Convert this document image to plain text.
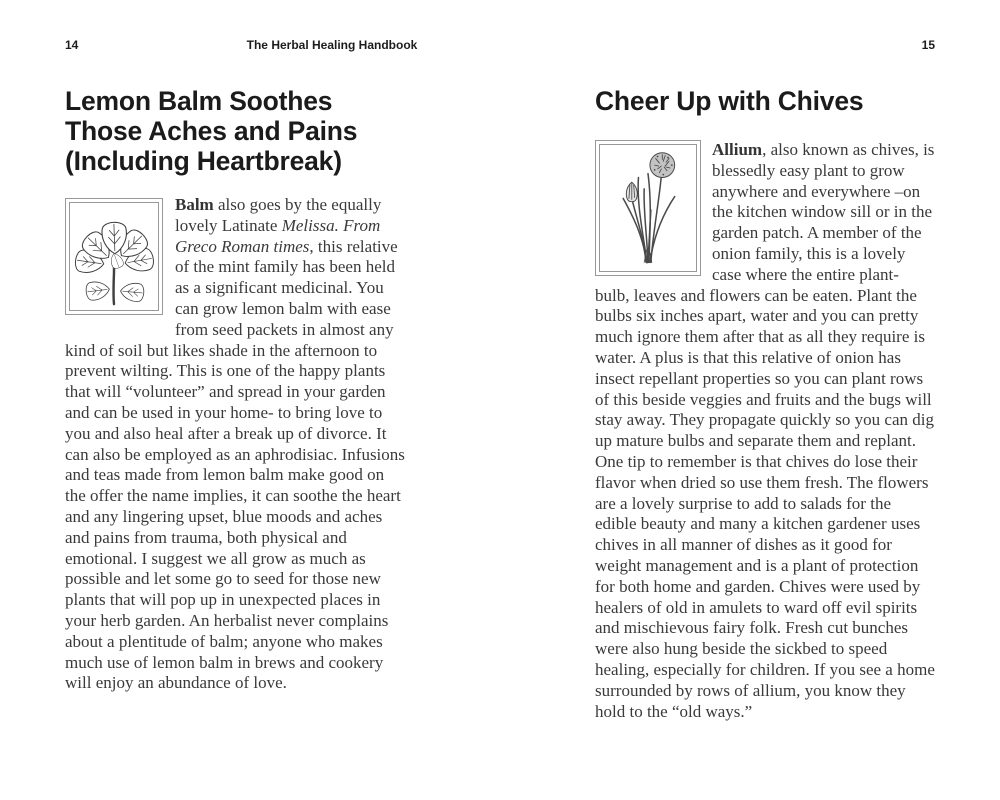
14	The Herbal Healing Handbook	15
Lemon Balm Soothes
Those Aches and Pains
(Including Heartbreak)
Balm also goes by the equally lovely Latinate Melissa. From Greco Roman times, this relative of the mint family has been held as a significant medicinal. You can grow lemon balm with ease from seed packets in almost any kind of soil but likes shade in the afternoon to prevent wilting. This is one of the happy plants that will “volunteer” and spread in your garden and can be used in your home- to bring love to you and also heal after a break up of divorce. It can also be employed as an aphrodisiac. Infusions and teas made from lemon balm make good on the offer the name implies, it can soothe the heart and any lingering upset, blue moods and aches and pains from trauma, both physical and emotional. I suggest we all grow as much as possible and let some go to seed for those new plants that will pop up in unexpected places in your herb garden. An herbalist never complains about a plentitude of balm; anyone who makes much use of lemon balm in brews and cookery will enjoy an abundance of love.
Cheer Up with Chives
Allium, also known as chives, is blessedly easy plant to grow anywhere and everywhere –on the kitchen window sill or in the garden patch. A member of the onion family, this is a lovely case where the entire plant- bulb, leaves and flowers can be eaten. Plant the bulbs six inches apart, water and you can pretty much ignore them after that as all they require is water. A plus is that this relative of onion has insect repellant properties so you can plant rows of this beside veggies and fruits and the bugs will stay away. They propagate quickly so you can dig up mature bulbs and separate them and replant. One tip to remember is that chives do lose their flavor when dried so use them fresh. The flowers are a lovely surprise to add to salads for the edible beauty and many a kitchen gardener uses chives in all manner of dishes as it good for weight management and is a plant of protection for both home and garden. Chives were used by healers of old in amulets to ward off evil spirits and mischievous fairy folk. Fresh cut bunches were also hung beside the sickbed to speed healing, especially for children. If you see a home surrounded by rows of allium, you know they hold to the “old ways.”
